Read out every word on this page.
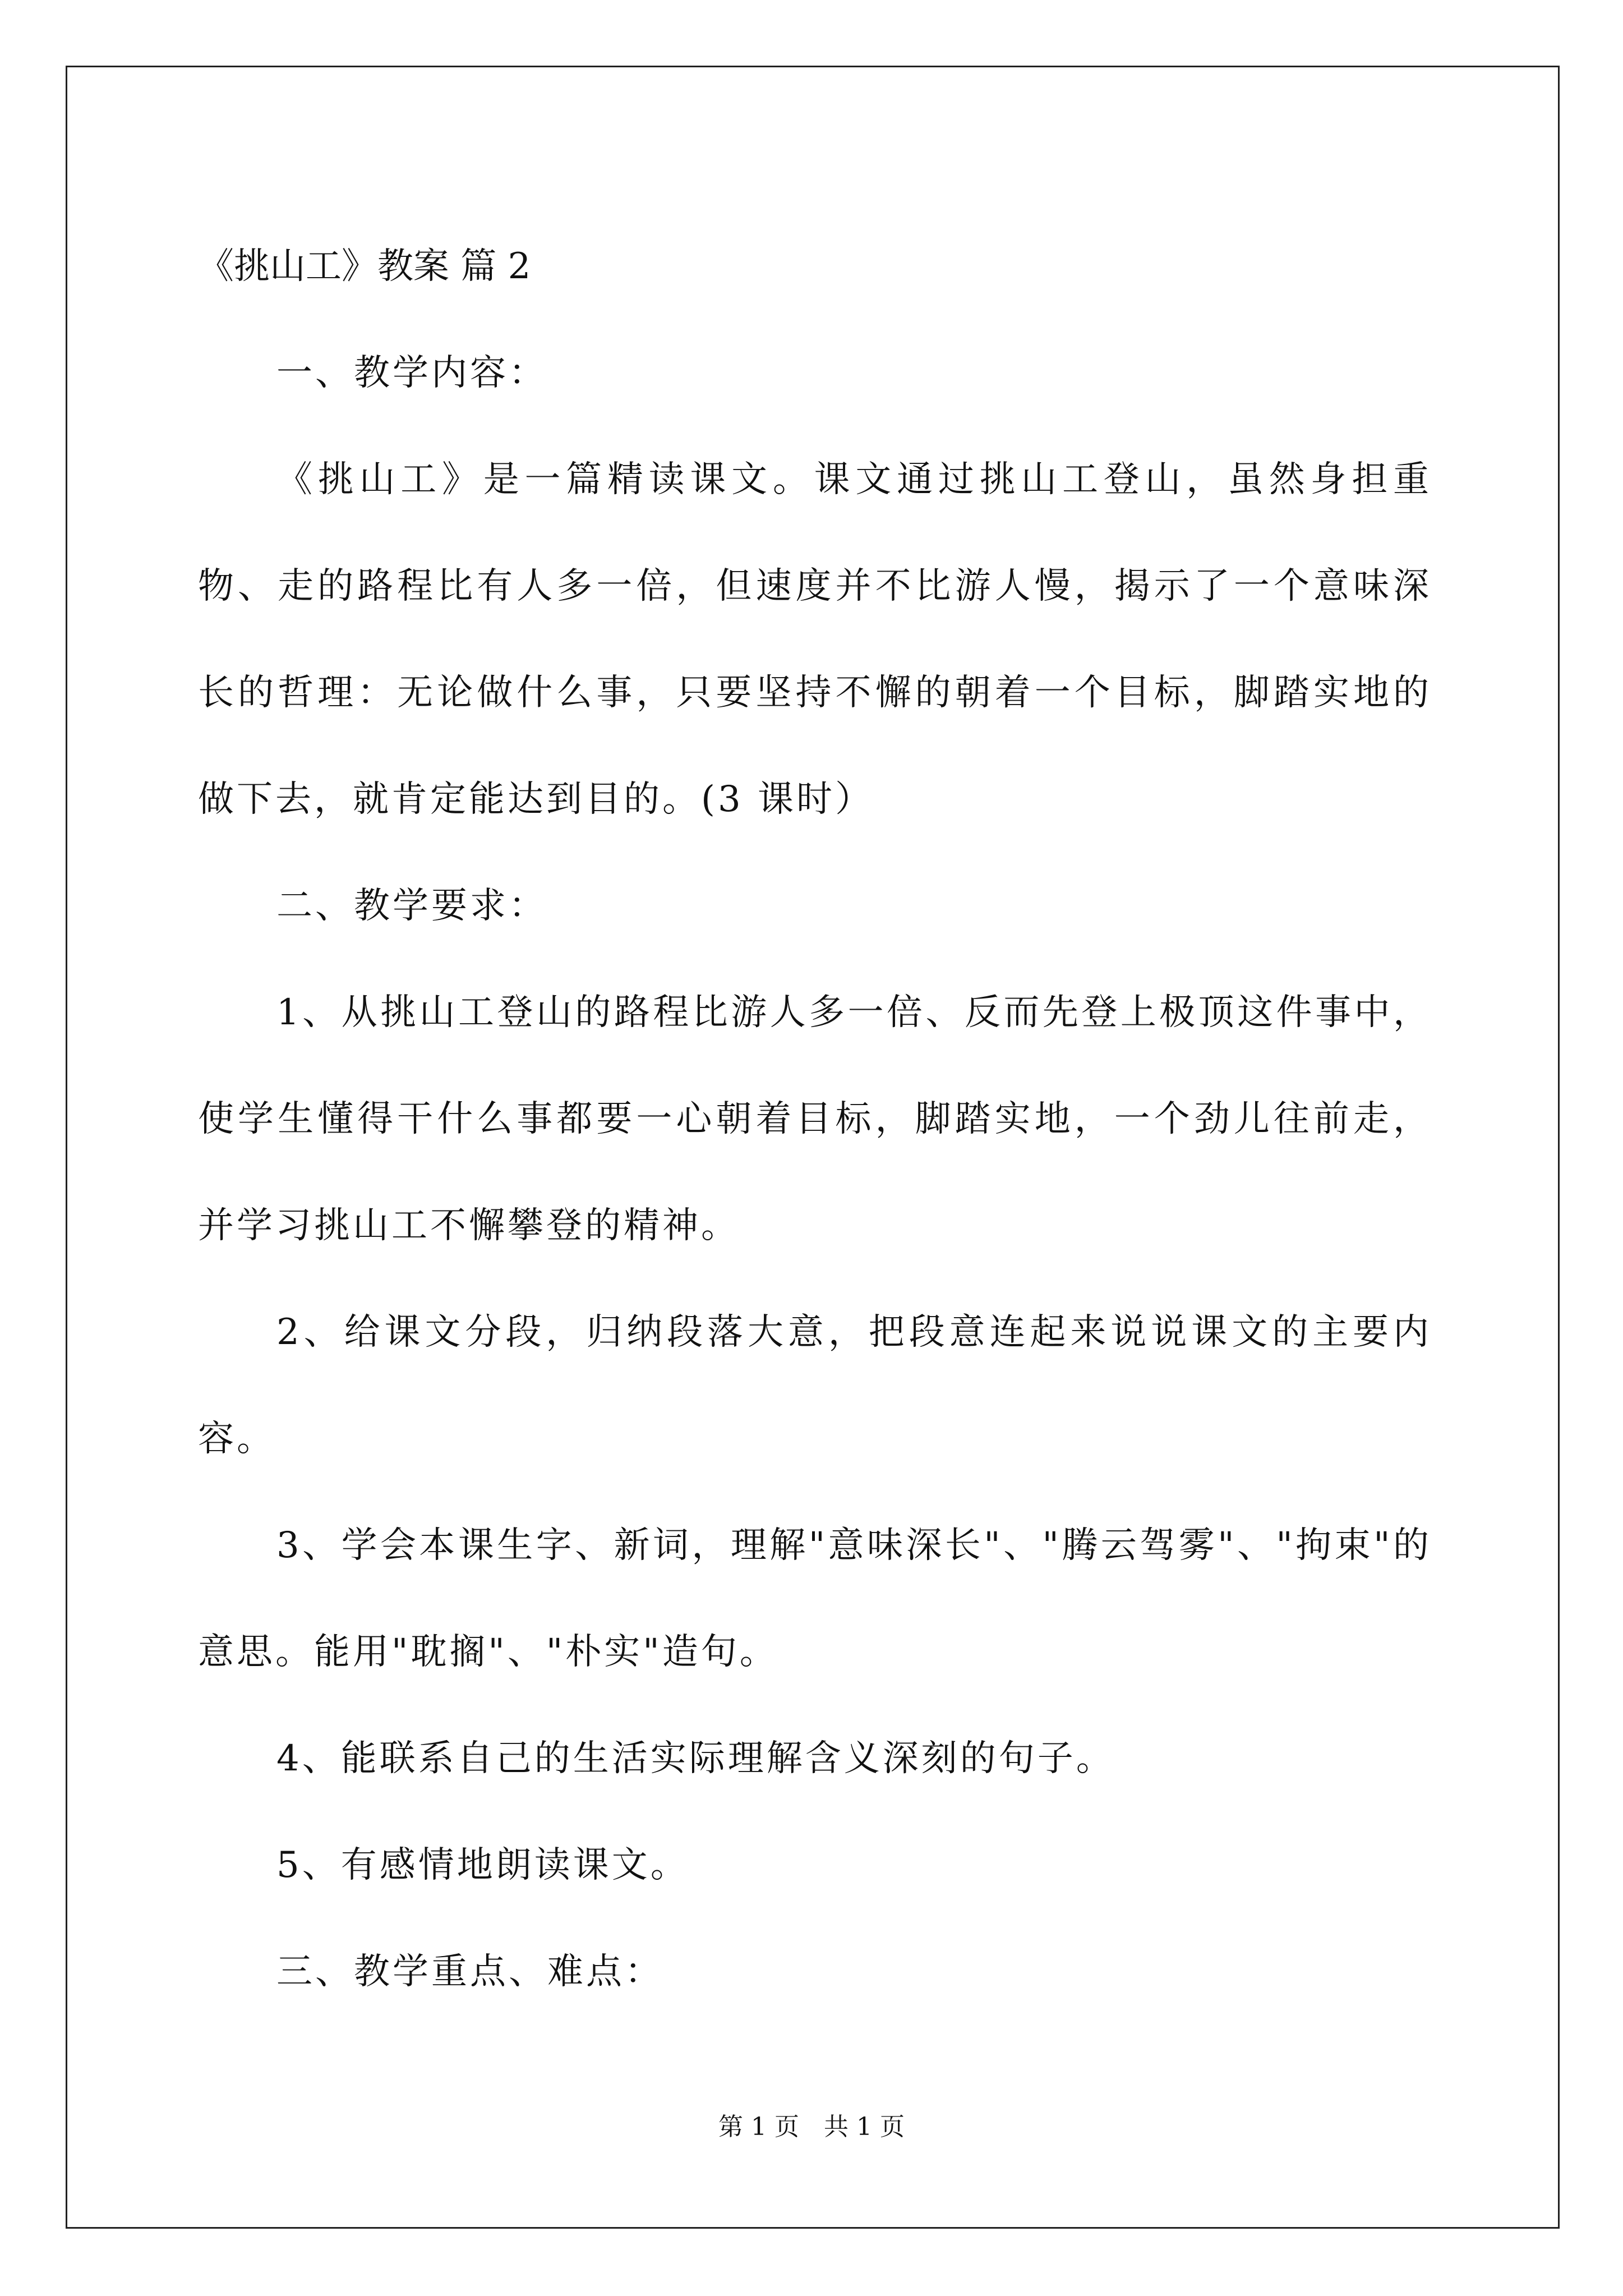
《挑山工》教案 篇 2

一、教学内容：

《挑山工》是一篇精读课文。课文通过挑山工登山，虽然身担重物、走的路程比有人多一倍，但速度并不比游人慢，揭示了一个意味深长的哲理：无论做什么事，只要坚持不懈的朝着一个目标，脚踏实地的做下去，就肯定能达到目的。(3 课时）

二、教学要求：

1、从挑山工登山的路程比游人多一倍、反而先登上极顶这件事中，使学生懂得干什么事都要一心朝着目标，脚踏实地，一个劲儿往前走，并学习挑山工不懈攀登的精神。

2、给课文分段，归纳段落大意，把段意连起来说说课文的主要内容。

3、学会本课生字、新词，理解"意味深长"、"腾云驾雾"、"拘束"的意思。能用"耽搁"、"朴实"造句。

4、能联系自己的生活实际理解含义深刻的句子。

5、有感情地朗读课文。

三、教学重点、难点：

第 1 页　共 1 页
